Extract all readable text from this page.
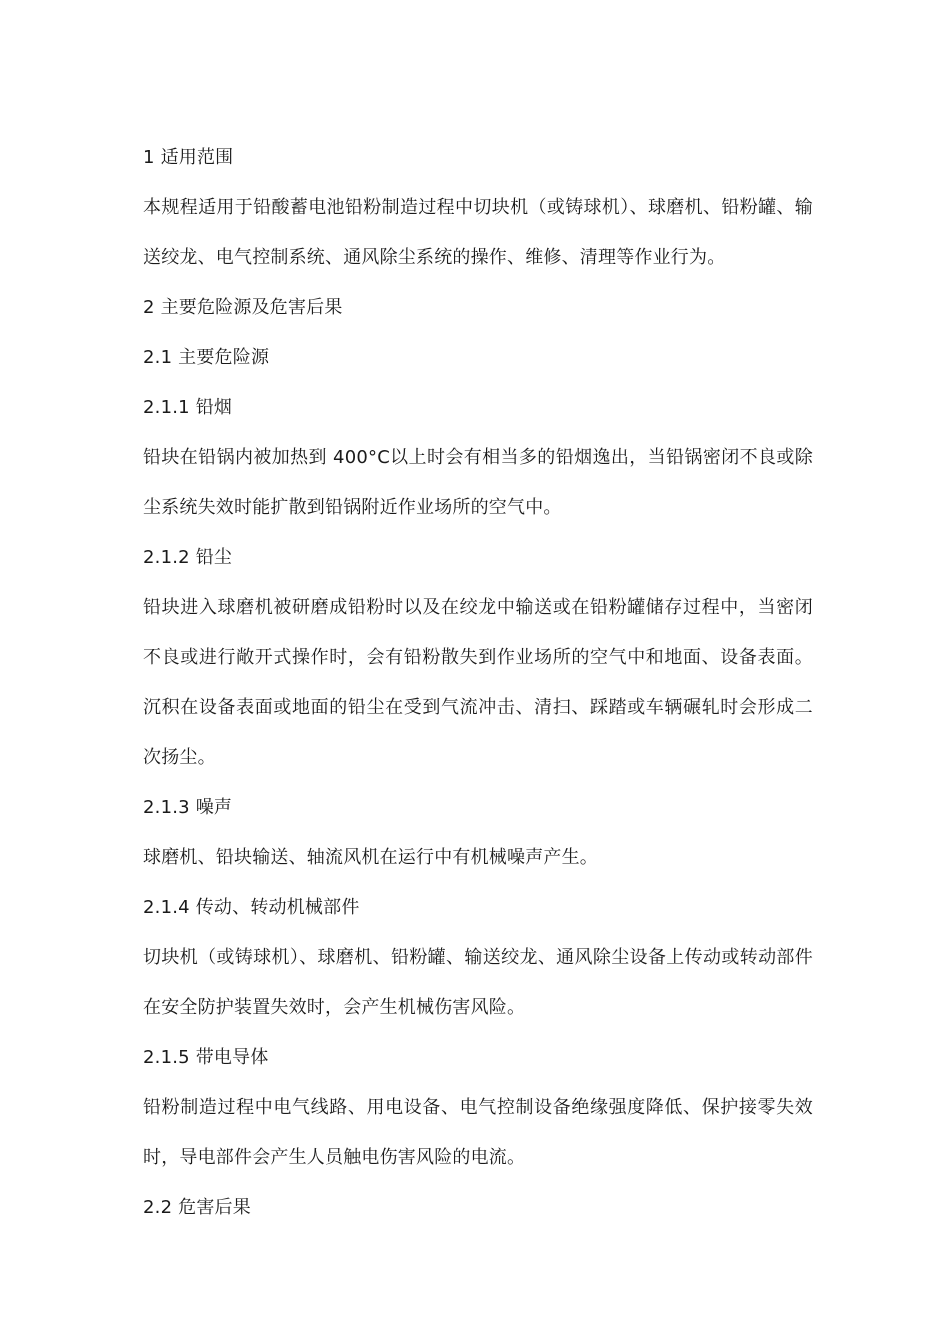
1 适用范围

本规程适用于铅酸蓄电池铅粉制造过程中切块机（或铸球机）、球磨机、铅粉罐、输送绞龙、电气控制系统、通风除尘系统的操作、维修、清理等作业行为。

2 主要危险源及危害后果

2.1 主要危险源

2.1.1 铅烟

铅块在铅锅内被加热到 400°C以上时会有相当多的铅烟逸出，当铅锅密闭不良或除尘系统失效时能扩散到铅锅附近作业场所的空气中。

2.1.2 铅尘

铅块进入球磨机被研磨成铅粉时以及在绞龙中输送或在铅粉罐储存过程中，当密闭不良或进行敞开式操作时，会有铅粉散失到作业场所的空气中和地面、设备表面。沉积在设备表面或地面的铅尘在受到气流冲击、清扫、踩踏或车辆碾轧时会形成二次扬尘。

2.1.3 噪声

球磨机、铅块输送、轴流风机在运行中有机械噪声产生。

2.1.4 传动、转动机械部件

切块机（或铸球机）、球磨机、铅粉罐、输送绞龙、通风除尘设备上传动或转动部件在安全防护装置失效时，会产生机械伤害风险。

2.1.5 带电导体

铅粉制造过程中电气线路、用电设备、电气控制设备绝缘强度降低、保护接零失效时，导电部件会产生人员触电伤害风险的电流。

2.2 危害后果
